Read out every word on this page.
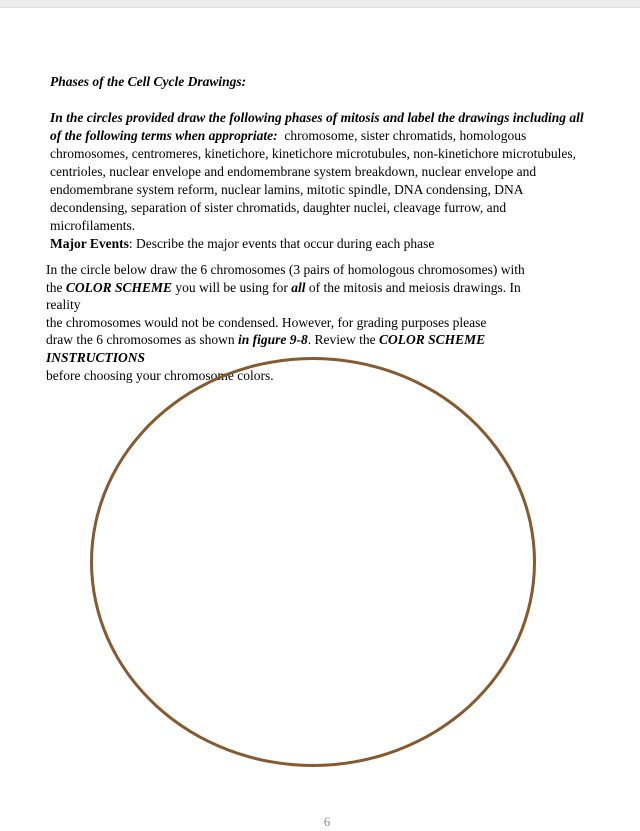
Phases of the Cell Cycle Drawings:

In the circles provided draw the following phases of mitosis and label the drawings including all of the following terms when appropriate: chromosome, sister chromatids, homologous chromosomes, centromeres, kinetichore, kinetichore microtubules, non-kinetichore microtubules, centrioles, nuclear envelope and endomembrane system breakdown, nuclear envelope and endomembrane system reform, nuclear lamins, mitotic spindle, DNA condensing, DNA decondensing, separation of sister chromatids, daughter nuclei, cleavage furrow, and microfilaments.

Major Events: Describe the major events that occur during each phase

In the circle below draw the 6 chromosomes (3 pairs of homologous chromosomes) with
the COLOR SCHEME you will be using for all of the mitosis and meiosis drawings. In
reality
the chromosomes would not be condensed. However, for grading purposes please
draw the 6 chromosomes as shown in figure 9-8. Review the COLOR SCHEME
INSTRUCTIONS
before choosing your chromosome colors.
6
